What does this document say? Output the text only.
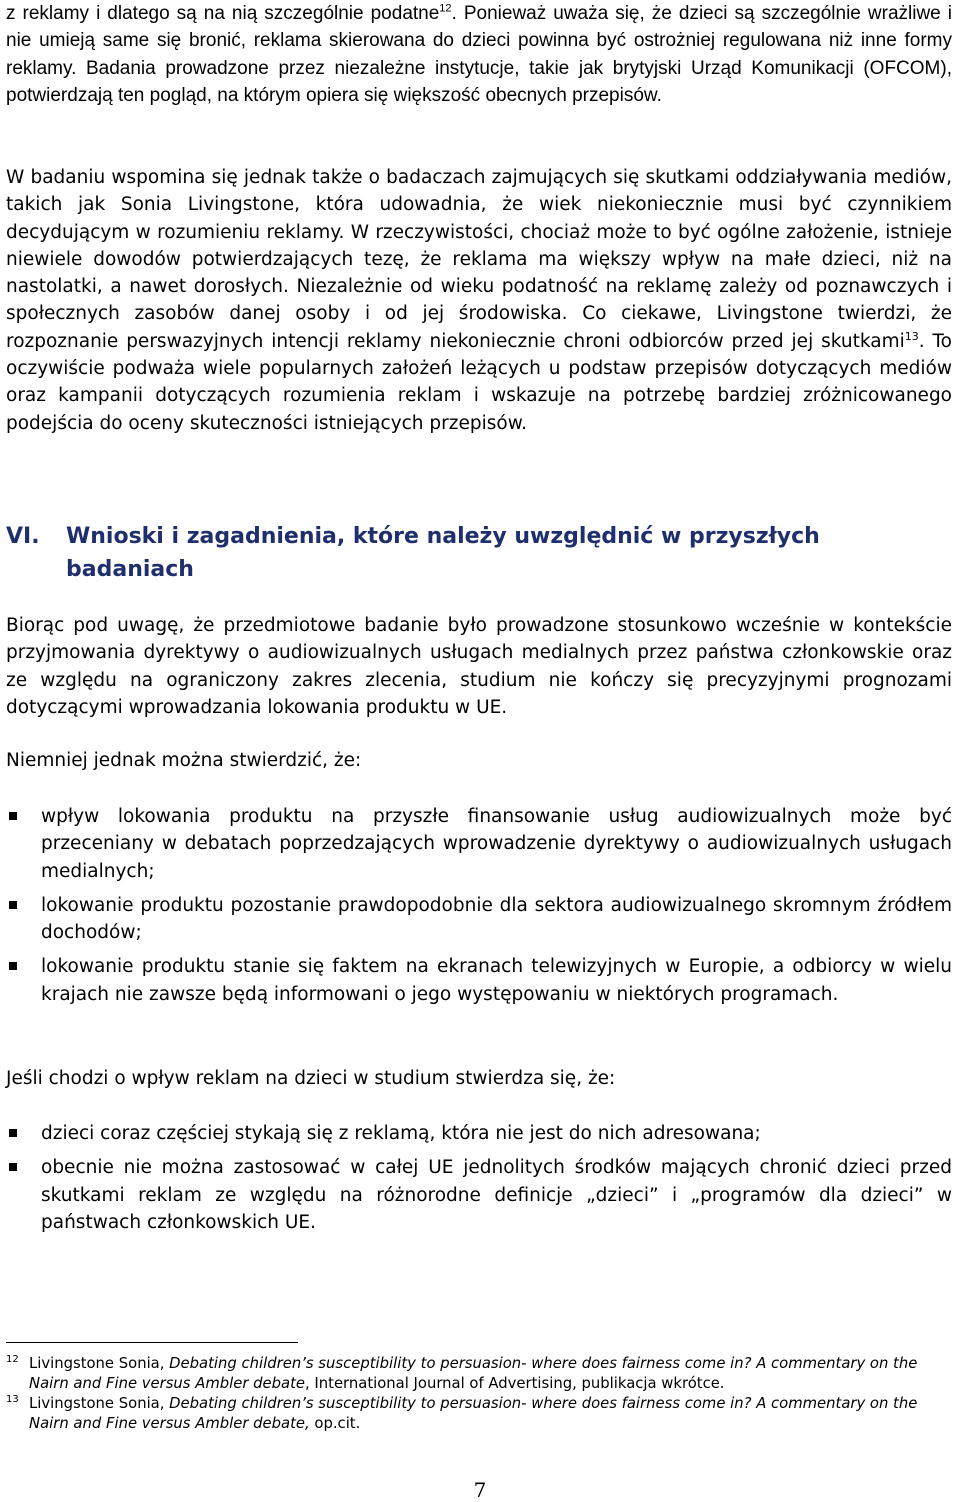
z reklamy i dlatego są na nią szczególnie podatne$^{12}$. Ponieważ uważa się, że dzieci są szczególnie wrażliwe i nie umieją same się bronić, reklama skierowana do dzieci powinna być ostrożniej regulowana niż inne formy reklamy. Badania prowadzone przez niezależne instytucje, takie jak brytyjski Urząd Komunikacji (OFCOM), potwierdzają ten pogląd, na którym opiera się większość obecnych przepisów.

W badaniu wspomina się jednak także o badaczach zajmujących się skutkami oddziaływania mediów, takich jak Sonia Livingstone, która udowadnia, że wiek niekoniecznie musi być czynnikiem decydującym w rozumieniu reklamy. W rzeczywistości, chociaż może to być ogólne założenie, istnieje niewiele dowodów potwierdzających tezę, że reklama ma większy wpływ na małe dzieci, niż na nastolatki, a nawet dorosłych. Niezależnie od wieku podatność na reklamę zależy od poznawczych i społecznych zasobów danej osoby i od jej środowiska. Co ciekawe, Livingstone twierdzi, że rozpoznanie perswazyjnych intencji reklamy niekoniecznie chroni odbiorców przed jej skutkami$^{13}$. To oczywiście podważa wiele popularnych założeń leżących u podstaw przepisów dotyczących mediów oraz kampanii dotyczących rozumienia reklam i wskazuje na potrzebę bardziej zróżnicowanego podejścia do oceny skuteczności istniejących przepisów.

VI. Wnioski i zagadnienia, które należy uwzględnić w przyszłych
badaniach

Biorąc pod uwagę, że przedmiotowe badanie było prowadzone stosunkowo wcześnie w kontekście przyjmowania dyrektywy o audiowizualnych usługach medialnych przez państwa członkowskie oraz ze względu na ograniczony zakres zlecenia, studium nie kończy się precyzyjnymi prognozami dotyczącymi wprowadzania lokowania produktu w UE.

Niemniej jednak można stwierdzić, że:

wpływ lokowania produktu na przyszłe finansowanie usług audiowizualnych może być przeceniany w debatach poprzedzających wprowadzenie dyrektywy o audiowizualnych usługach medialnych;
lokowanie produktu pozostanie prawdopodobnie dla sektora audiowizualnego skromnym źródłem dochodów;
lokowanie produktu stanie się faktem na ekranach telewizyjnych w Europie, a odbiorcy w wielu krajach nie zawsze będą informowani o jego występowaniu w niektórych programach.

Jeśli chodzi o wpływ reklam na dzieci w studium stwierdza się, że:

dzieci coraz częściej stykają się z reklamą, która nie jest do nich adresowana;
obecnie nie można zastosować w całej UE jednolitych środków mających chronić dzieci przed skutkami reklam ze względu na różnorodne definicje „dzieci” i „programów dla dzieci” w państwach członkowskich UE.

12 Livingstone Sonia, Debating children’s susceptibility to persuasion- where does fairness come in? A commentary on the Nairn and Fine versus Ambler debate, International Journal of Advertising, publikacja wkrótce.

13 Livingstone Sonia, Debating children’s susceptibility to persuasion- where does fairness come in? A commentary on the Nairn and Fine versus Ambler debate, op.cit.

7
